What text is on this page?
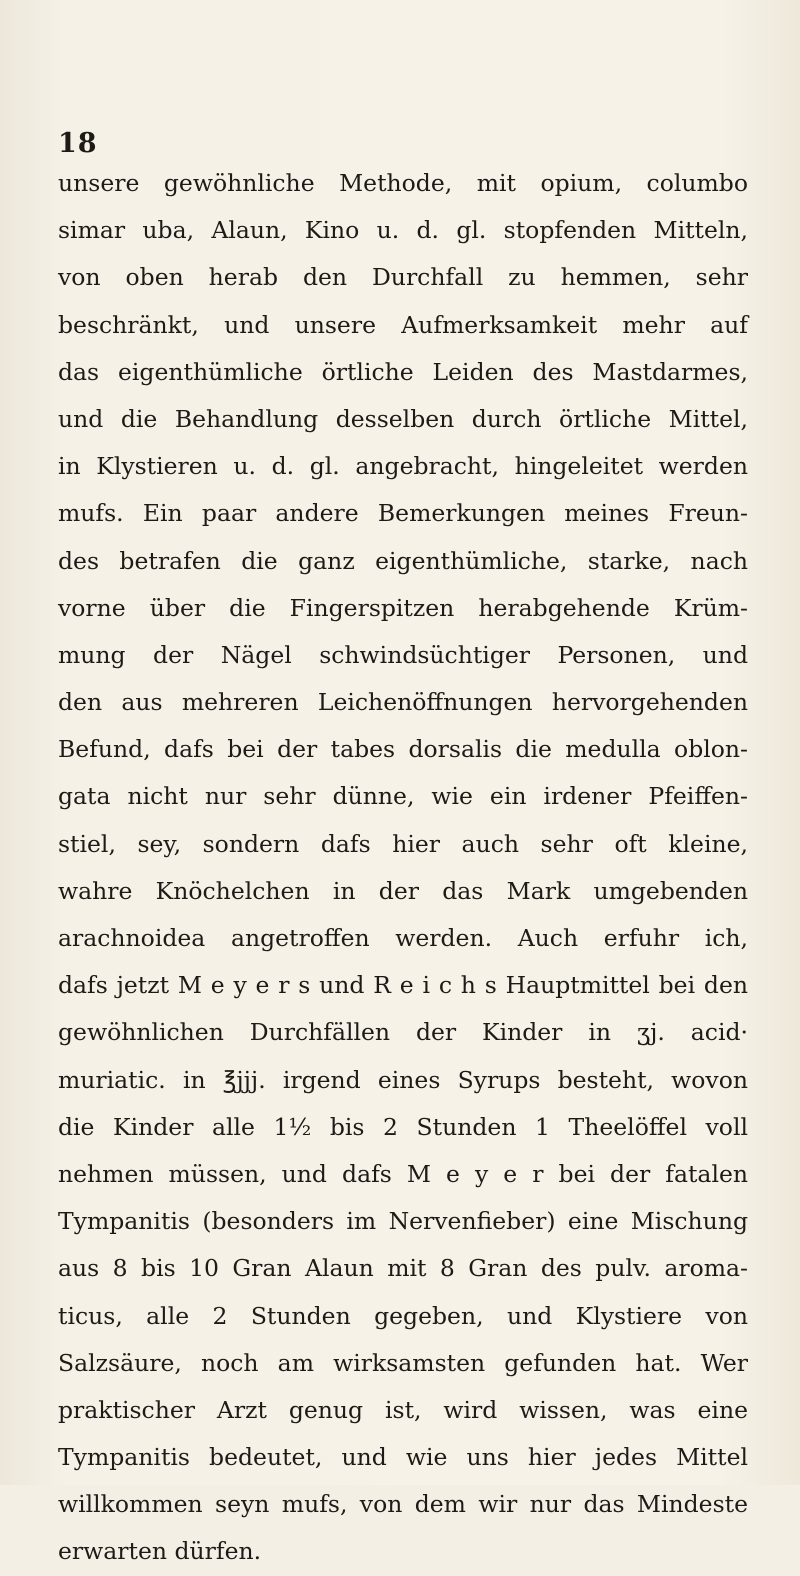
18
unsere gewöhnliche Methode, mit opium, columbo
simar uba, Alaun, Kino u. d. gl. stopfenden Mitteln,
von oben herab den Durchfall zu hemmen, sehr
beschränkt, und unsere Aufmerksamkeit mehr auf
das eigenthümliche örtliche Leiden des Mastdarmes,
und die Behandlung desselben durch örtliche Mittel,
in Klystieren u. d. gl. angebracht, hingeleitet werden
mufs. Ein paar andere Bemerkungen meines Freun-
des betrafen die ganz eigenthümliche, starke, nach
vorne über die Fingerspitzen herabgehende Krüm-
mung der Nägel schwindsüchtiger Personen, und
den aus mehreren Leichenöffnungen hervorgehenden
Befund, dafs bei der tabes dorsalis die medulla oblon-
gata nicht nur sehr dünne, wie ein irdener Pfeiffen-
stiel, sey, sondern dafs hier auch sehr oft kleine,
wahre Knöchelchen in der das Mark umgebenden
arachnoidea angetroffen werden. Auch erfuhr ich,
dafs jetzt M e y e r s und R e i c h s Hauptmittel bei den
gewöhnlichen Durchfällen der Kinder in ʒj. acid·
muriatic. in ℥jjj. irgend eines Syrups besteht, wovon
die Kinder alle 1½ bis 2 Stunden 1 Theelöffel voll
nehmen müssen, und dafs M e y e r bei der fatalen
Tympanitis (besonders im Nervenfieber) eine Mischung
aus 8 bis 10 Gran Alaun mit 8 Gran des pulv. aroma-
ticus, alle 2 Stunden gegeben, und Klystiere von
Salzsäure, noch am wirksamsten gefunden hat. Wer
praktischer Arzt genug ist, wird wissen, was eine
Tympanitis bedeutet, und wie uns hier jedes Mittel
willkommen seyn mufs, von dem wir nur das Mindeste
erwarten dürfen.
